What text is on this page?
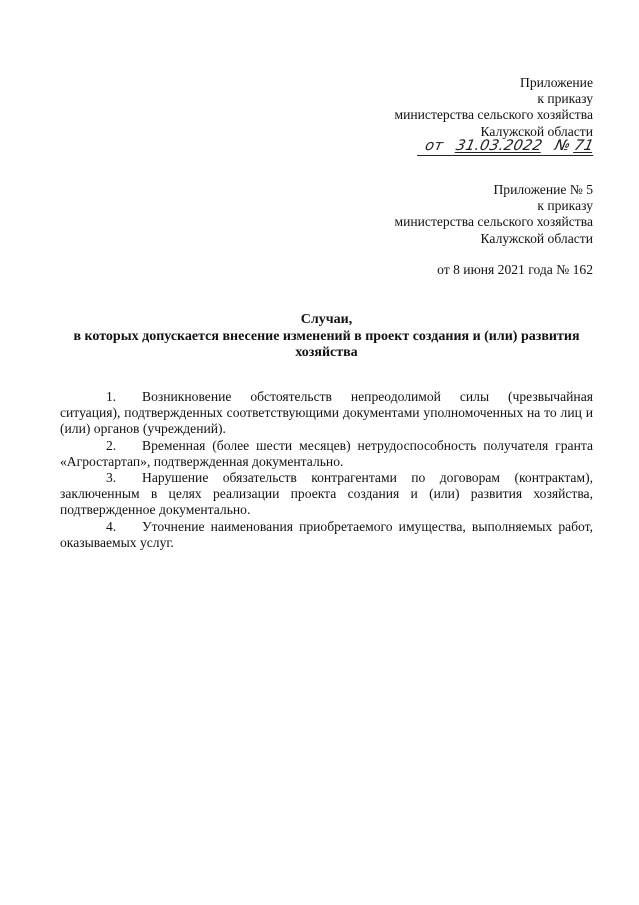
Приложение
к приказу
министерства сельского хозяйства
Калужской области
от 31.03.2022 №71
Приложение № 5
к приказу
министерства сельского хозяйства
Калужской области
от 8 июня 2021 года № 162
Случаи,
в которых допускается внесение изменений в проект создания и (или) развития
хозяйства

1. Возникновение обстоятельств непреодолимой силы (чрезвычайная ситуация), подтвержденных соответствующими документами уполномоченных на то лиц и (или) органов (учреждений).

2. Временная (более шести месяцев) нетрудоспособность получателя гранта «Агростартап», подтвержденная документально.

3. Нарушение обязательств контрагентами по договорам (контрактам), заключенным в целях реализации проекта создания и (или) развития хозяйства, подтвержденное документально.

4. Уточнение наименования приобретаемого имущества, выполняемых работ, оказываемых услуг.
